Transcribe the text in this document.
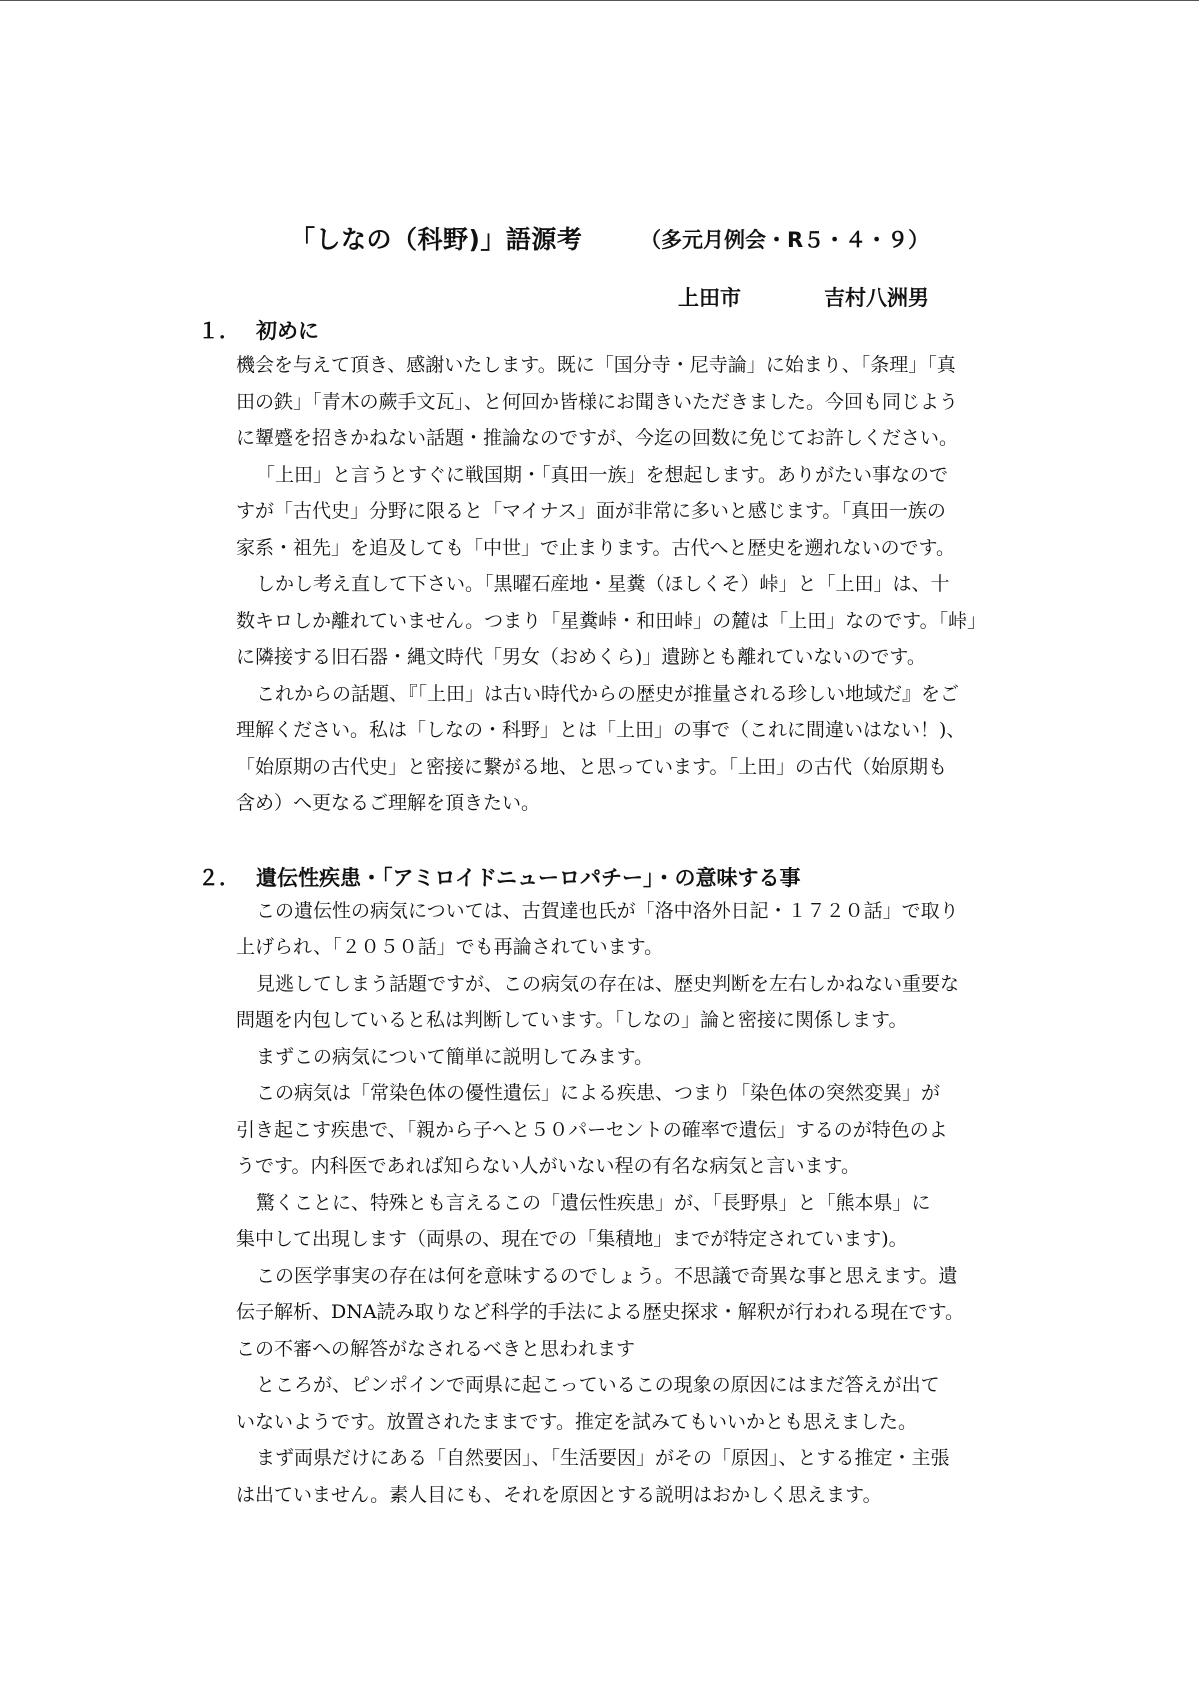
「しなの（科野)」語源考	（多元月例会・R５・４・９）
上田市	吉村八洲男
１． 初めに
機会を与えて頂き、感謝いたします。既に「国分寺・尼寺論」に始まり、「条理」「真
田の鉄」「青木の蕨手文瓦」、と何回か皆様にお聞きいただきました。今回も同じよう
に顰蹙を招きかねない話題・推論なのですが、今迄の回数に免じてお許しください。
「上田」と言うとすぐに戦国期・「真田一族」を想起します。ありがたい事なので
すが「古代史」分野に限ると「マイナス」面が非常に多いと感じます。「真田一族の
家系・祖先」を追及しても「中世」で止まります。古代へと歴史を遡れないのです。
しかし考え直して下さい。「黒曜石産地・星糞（ほしくそ）峠」と「上田」は、十
数キロしか離れていません。つまり「星糞峠・和田峠」の麓は「上田」なのです。「峠」
に隣接する旧石器・縄文時代「男女（おめくら)」遺跡とも離れていないのです。
これからの話題、『「上田」は古い時代からの歴史が推量される珍しい地域だ』をご
理解ください。私は「しなの・科野」とは「上田」の事で（これに間違いはない！)、
「始原期の古代史」と密接に繋がる地、と思っています。「上田」の古代（始原期も
含め）へ更なるご理解を頂きたい。
２． 遺伝性疾患・「アミロイドニューロパチー」・の意味する事
この遺伝性の病気については、古賀達也氏が「洛中洛外日記・１７２０話」で取り
上げられ、「２０５０話」でも再論されています。
見逃してしまう話題ですが、この病気の存在は、歴史判断を左右しかねない重要な
問題を内包していると私は判断しています。「しなの」論と密接に関係します。
まずこの病気について簡単に説明してみます。
この病気は「常染色体の優性遺伝」による疾患、つまり「染色体の突然変異」が
引き起こす疾患で、「親から子へと５０パーセントの確率で遺伝」するのが特色のよ
うです。内科医であれば知らない人がいない程の有名な病気と言います。
驚くことに、特殊とも言えるこの「遺伝性疾患」が、「長野県」と「熊本県」に
集中して出現します（両県の、現在での「集積地」までが特定されています)。
この医学事実の存在は何を意味するのでしょう。不思議で奇異な事と思えます。遺
伝子解析、DNA読み取りなど科学的手法による歴史探求・解釈が行われる現在です。
この不審への解答がなされるべきと思われます
ところが、ピンポインで両県に起こっているこの現象の原因にはまだ答えが出て
いないようです。放置されたままです。推定を試みてもいいかとも思えました。
まず両県だけにある「自然要因」、「生活要因」がその「原因」、とする推定・主張
は出ていません。素人目にも、それを原因とする説明はおかしく思えます。
